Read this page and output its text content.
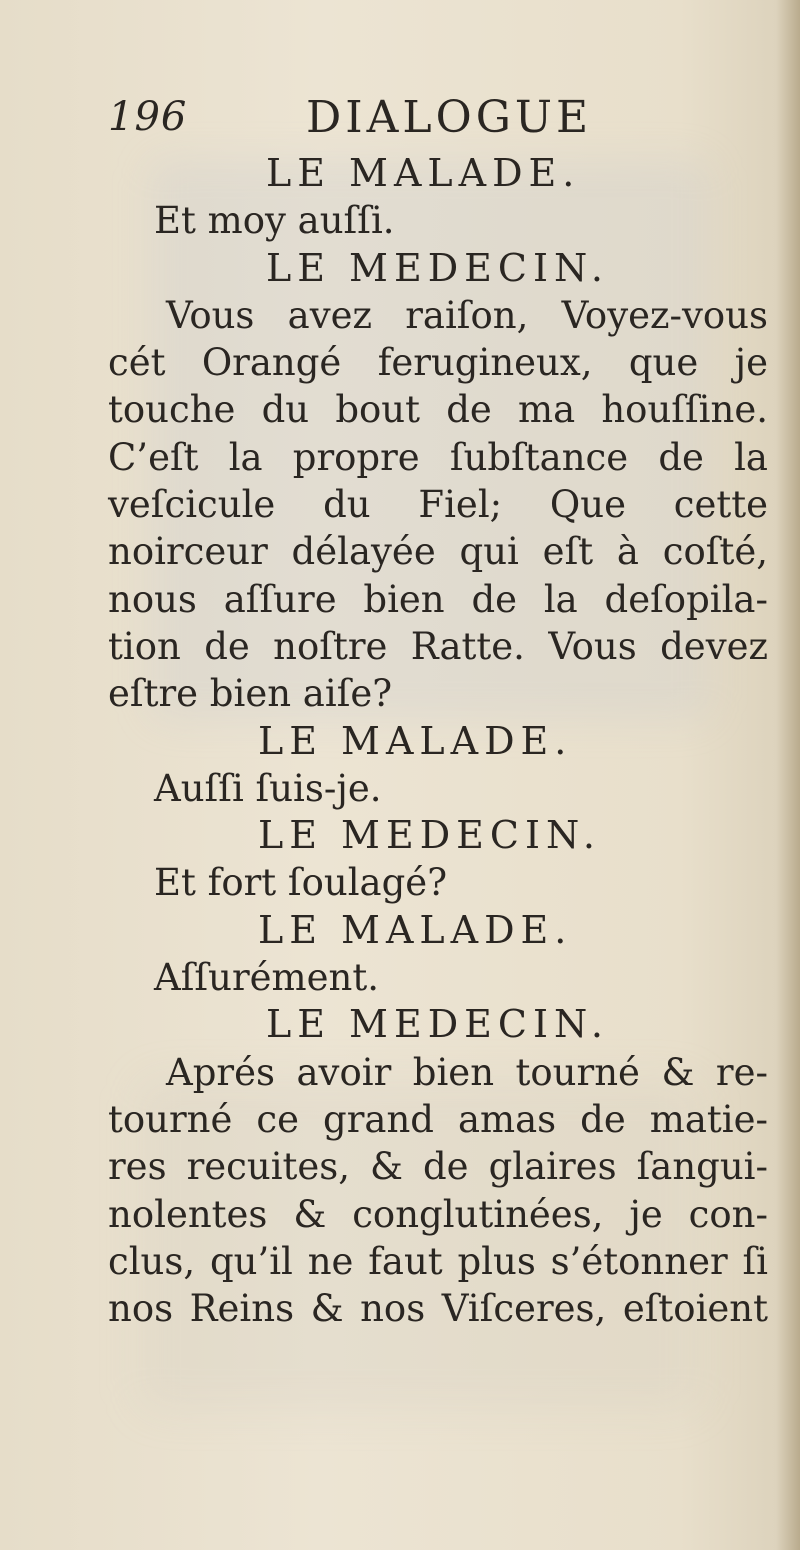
196	DIALOGUE
LE MALADE.
Et moy auſſi.
LE MEDECIN.
Vous avez raiſon, Voyez-vous
cét Orangé ferugineux, que je
touche du bout de ma houſſine.
C’eſt la propre ſubſtance de la
veſcicule du Fiel; Que cette
noirceur délayée qui eſt à coſté,
nous aſſure bien de la deſopila-
tion de noſtre Ratte. Vous devez
eſtre bien aiſe?
LE MALADE.
Auſſi ſuis-je.
LE MEDECIN.
Et fort ſoulagé?
LE MALADE.
Aſſurément.
LE MEDECIN.
Aprés avoir bien tourné & re-
tourné ce grand amas de matie-
res recuites, & de glaires ſangui-
nolentes & conglutinées, je con-
clus, qu’il ne faut plus s’étonner ſi
nos Reins & nos Viſceres, eſtoient
